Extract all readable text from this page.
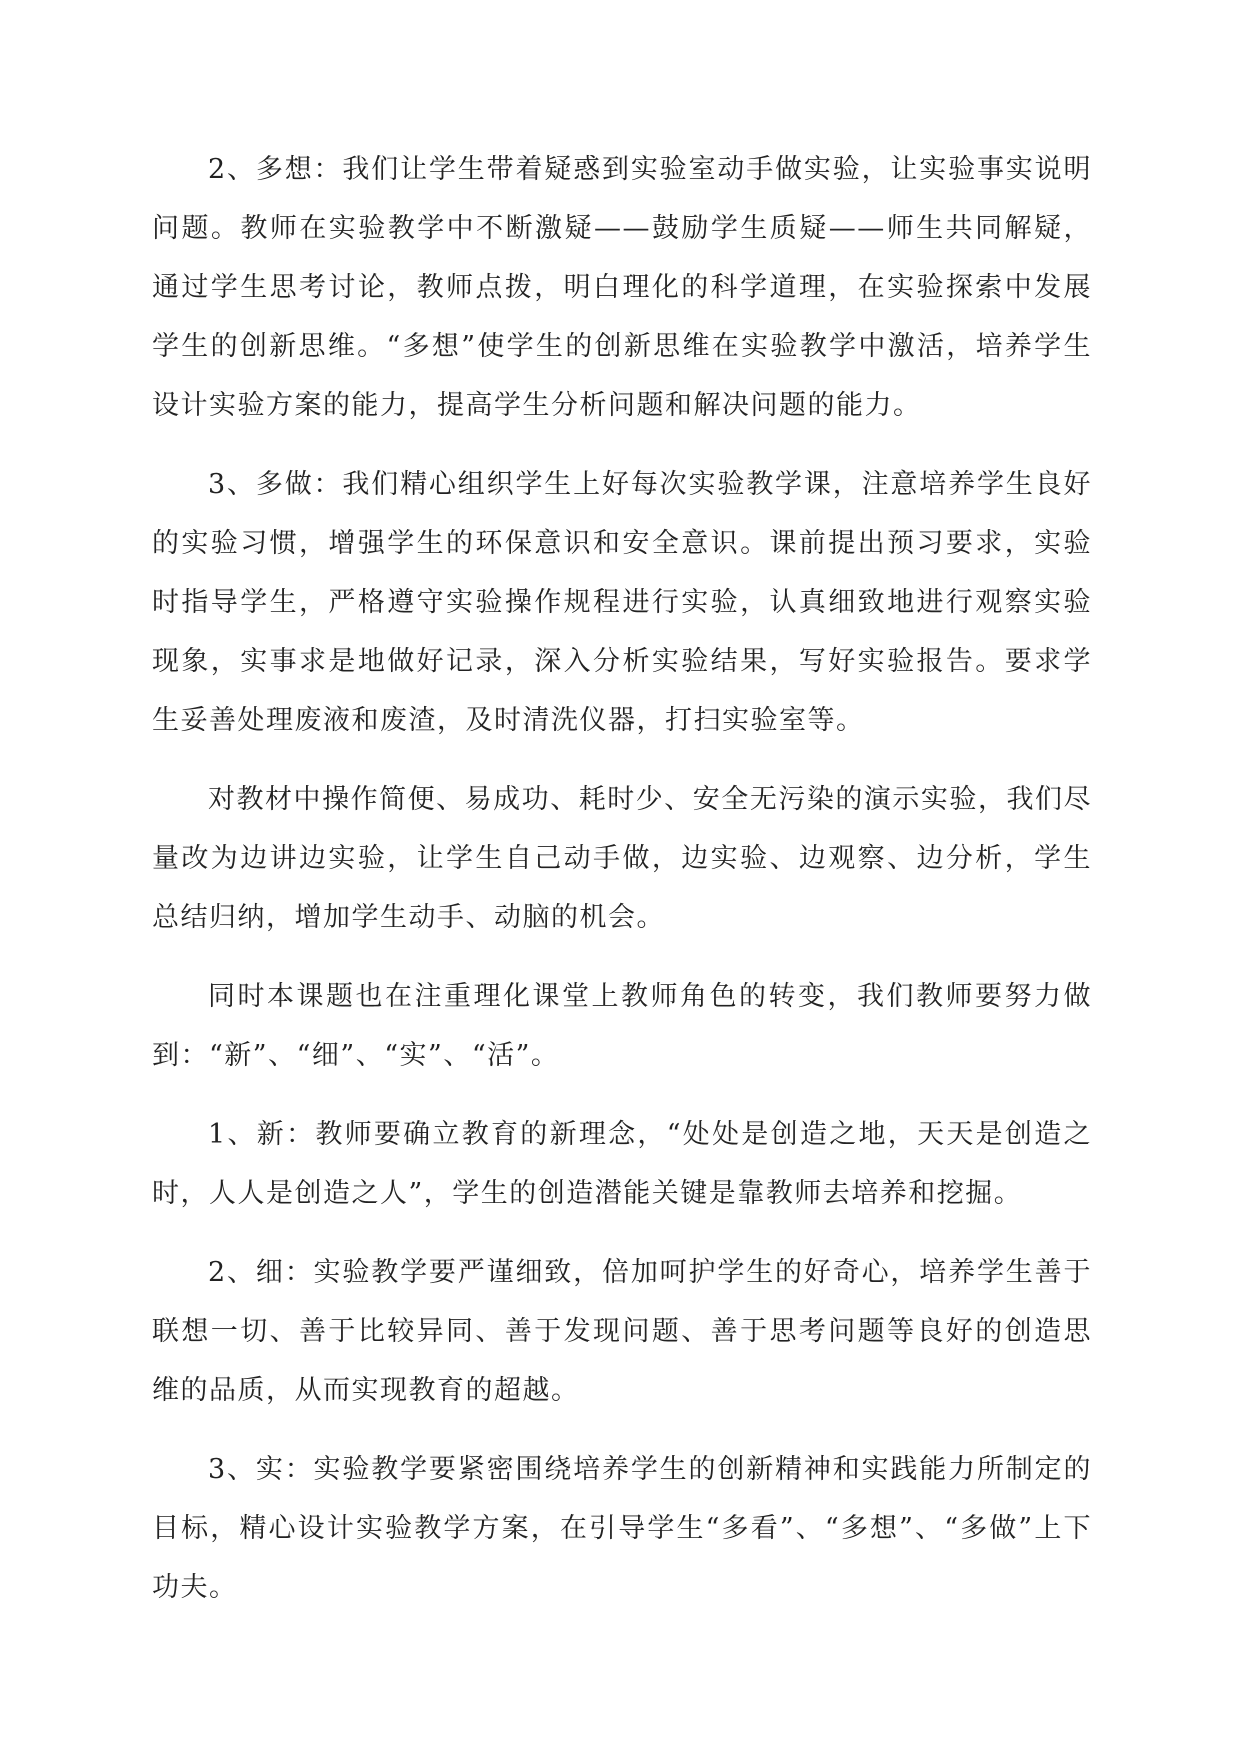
2、多想：我们让学生带着疑惑到实验室动手做实验，让实验事实说明问题。教师在实验教学中不断激疑——鼓励学生质疑——师生共同解疑，通过学生思考讨论，教师点拨，明白理化的科学道理，在实验探索中发展学生的创新思维。“多想”使学生的创新思维在实验教学中激活，培养学生设计实验方案的能力，提高学生分析问题和解决问题的能力。

3、多做：我们精心组织学生上好每次实验教学课，注意培养学生良好的实验习惯，增强学生的环保意识和安全意识。课前提出预习要求，实验时指导学生，严格遵守实验操作规程进行实验，认真细致地进行观察实验现象，实事求是地做好记录，深入分析实验结果，写好实验报告。要求学生妥善处理废液和废渣，及时清洗仪器，打扫实验室等。

对教材中操作简便、易成功、耗时少、安全无污染的演示实验，我们尽量改为边讲边实验，让学生自己动手做，边实验、边观察、边分析，学生总结归纳，增加学生动手、动脑的机会。

同时本课题也在注重理化课堂上教师角色的转变，我们教师要努力做到：“新”、“细”、“实”、“活”。

1、新：教师要确立教育的新理念，“处处是创造之地，天天是创造之时，人人是创造之人”，学生的创造潜能关键是靠教师去培养和挖掘。

2、细：实验教学要严谨细致，倍加呵护学生的好奇心，培养学生善于联想一切、善于比较异同、善于发现问题、善于思考问题等良好的创造思维的品质，从而实现教育的超越。

3、实：实验教学要紧密围绕培养学生的创新精神和实践能力所制定的目标，精心设计实验教学方案，在引导学生“多看”、“多想”、“多做”上下功夫。
